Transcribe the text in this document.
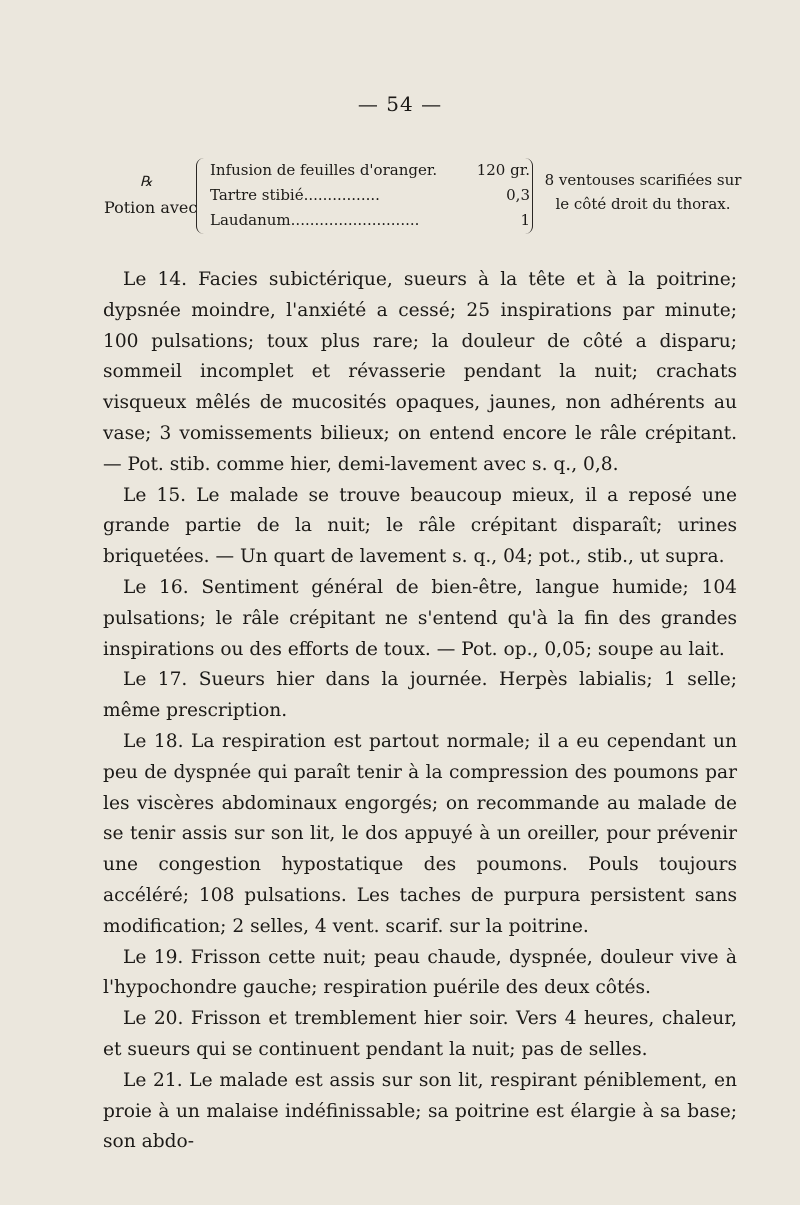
— 54 —
℞
Potion avec
Infusion de feuilles d'oranger.	120 gr.
Tartre stibié................	0,3
Laudanum...........................	1
8 ventouses scarifiées sur le côté droit du thorax.

Le 14. Facies subictérique, sueurs à la tête et à la poitrine; dypsnée moindre, l'anxiété a cessé; 25 inspirations par minute; 100 pulsations; toux plus rare; la douleur de côté a disparu; sommeil incomplet et révasserie pendant la nuit; crachats visqueux mêlés de mucosités opaques, jaunes, non adhérents au vase; 3 vomissements bilieux; on entend encore le râle crépitant. — Pot. stib. comme hier, demi-lavement avec s. q., 0,8.

Le 15. Le malade se trouve beaucoup mieux, il a reposé une grande partie de la nuit; le râle crépitant disparaît; urines briquetées. — Un quart de lavement s. q., 04; pot., stib., ut supra.

Le 16. Sentiment général de bien-être, langue humide; 104 pulsations; le râle crépitant ne s'entend qu'à la fin des grandes inspirations ou des efforts de toux. — Pot. op., 0,05; soupe au lait.

Le 17. Sueurs hier dans la journée. Herpès labialis; 1 selle; même prescription.

Le 18. La respiration est partout normale; il a eu cependant un peu de dyspnée qui paraît tenir à la compression des poumons par les viscères abdominaux engorgés; on recommande au malade de se tenir assis sur son lit, le dos appuyé à un oreiller, pour prévenir une congestion hypostatique des poumons. Pouls toujours accéléré; 108 pulsations. Les taches de purpura persistent sans modification; 2 selles, 4 vent. scarif. sur la poitrine.

Le 19. Frisson cette nuit; peau chaude, dyspnée, douleur vive à l'hypochondre gauche; respiration puérile des deux côtés.

Le 20. Frisson et tremblement hier soir. Vers 4 heures, chaleur, et sueurs qui se continuent pendant la nuit; pas de selles.

Le 21. Le malade est assis sur son lit, respirant péniblement, en proie à un malaise indéfinissable; sa poitrine est élargie à sa base; son abdo-
